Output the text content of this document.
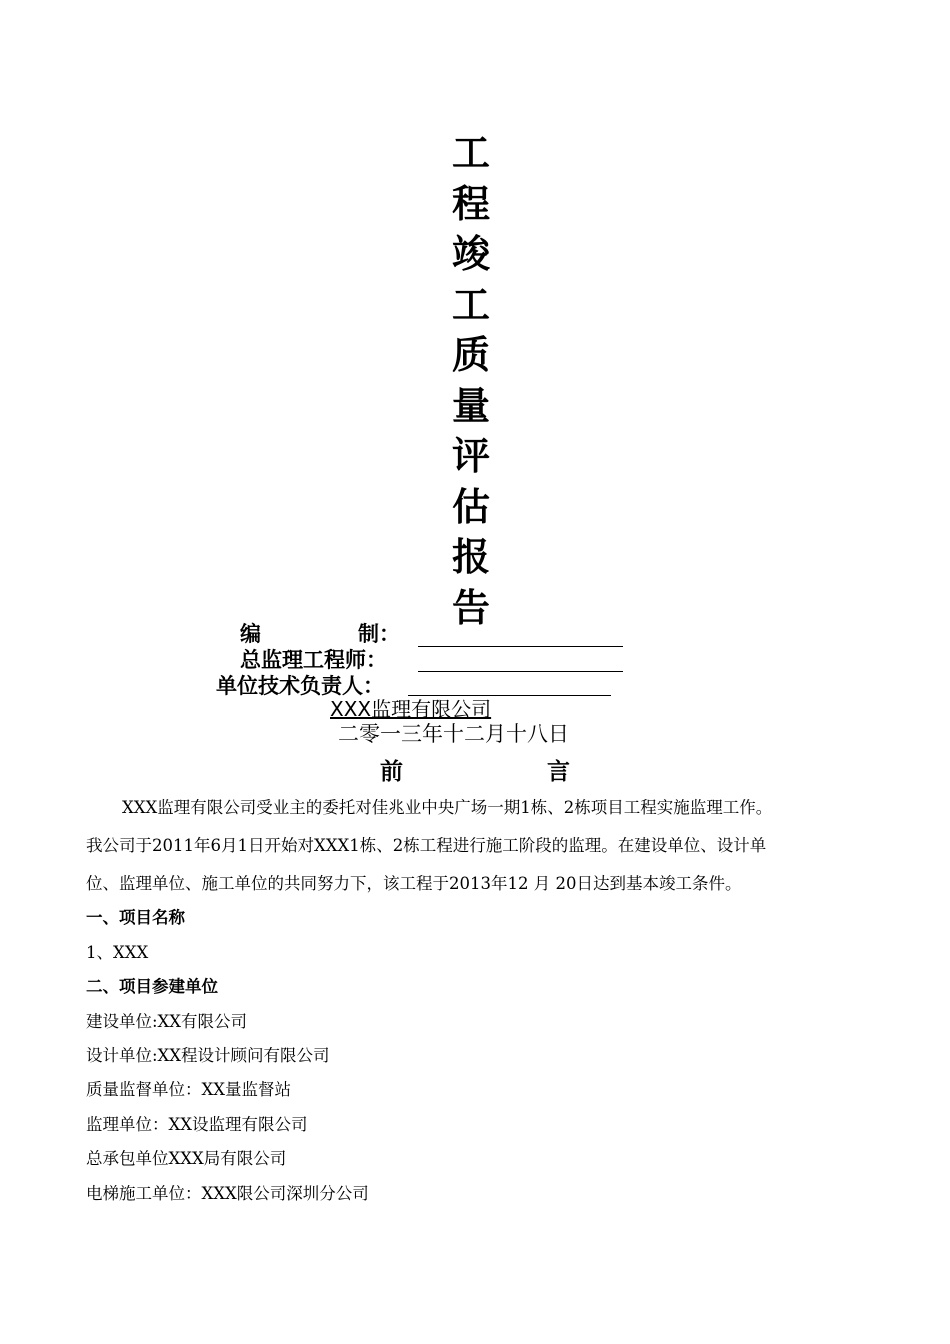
工
程
竣
工
质
量
评
估
报
告
编	制：
总监理工程师：
单位技术负责人：
XXX监理有限公司
二零一三年十二月十八日
前	言
XXX监理有限公司受业主的委托对佳兆业中央广场一期1栋、2栋项目工程实施监理工作。
我公司于2011年6月1日开始对XXX1栋、2栋工程进行施工阶段的监理。在建设单位、设计单
位、监理单位、施工单位的共同努力下，该工程于2013年12 月 20日达到基本竣工条件。
一、项目名称
1、XXX
二、项目参建单位
建设单位:XX有限公司
设计单位:XX程设计顾问有限公司
质量监督单位：XX量监督站
监理单位：XX设监理有限公司
总承包单位XXX局有限公司
电梯施工单位：XXX限公司深圳分公司
